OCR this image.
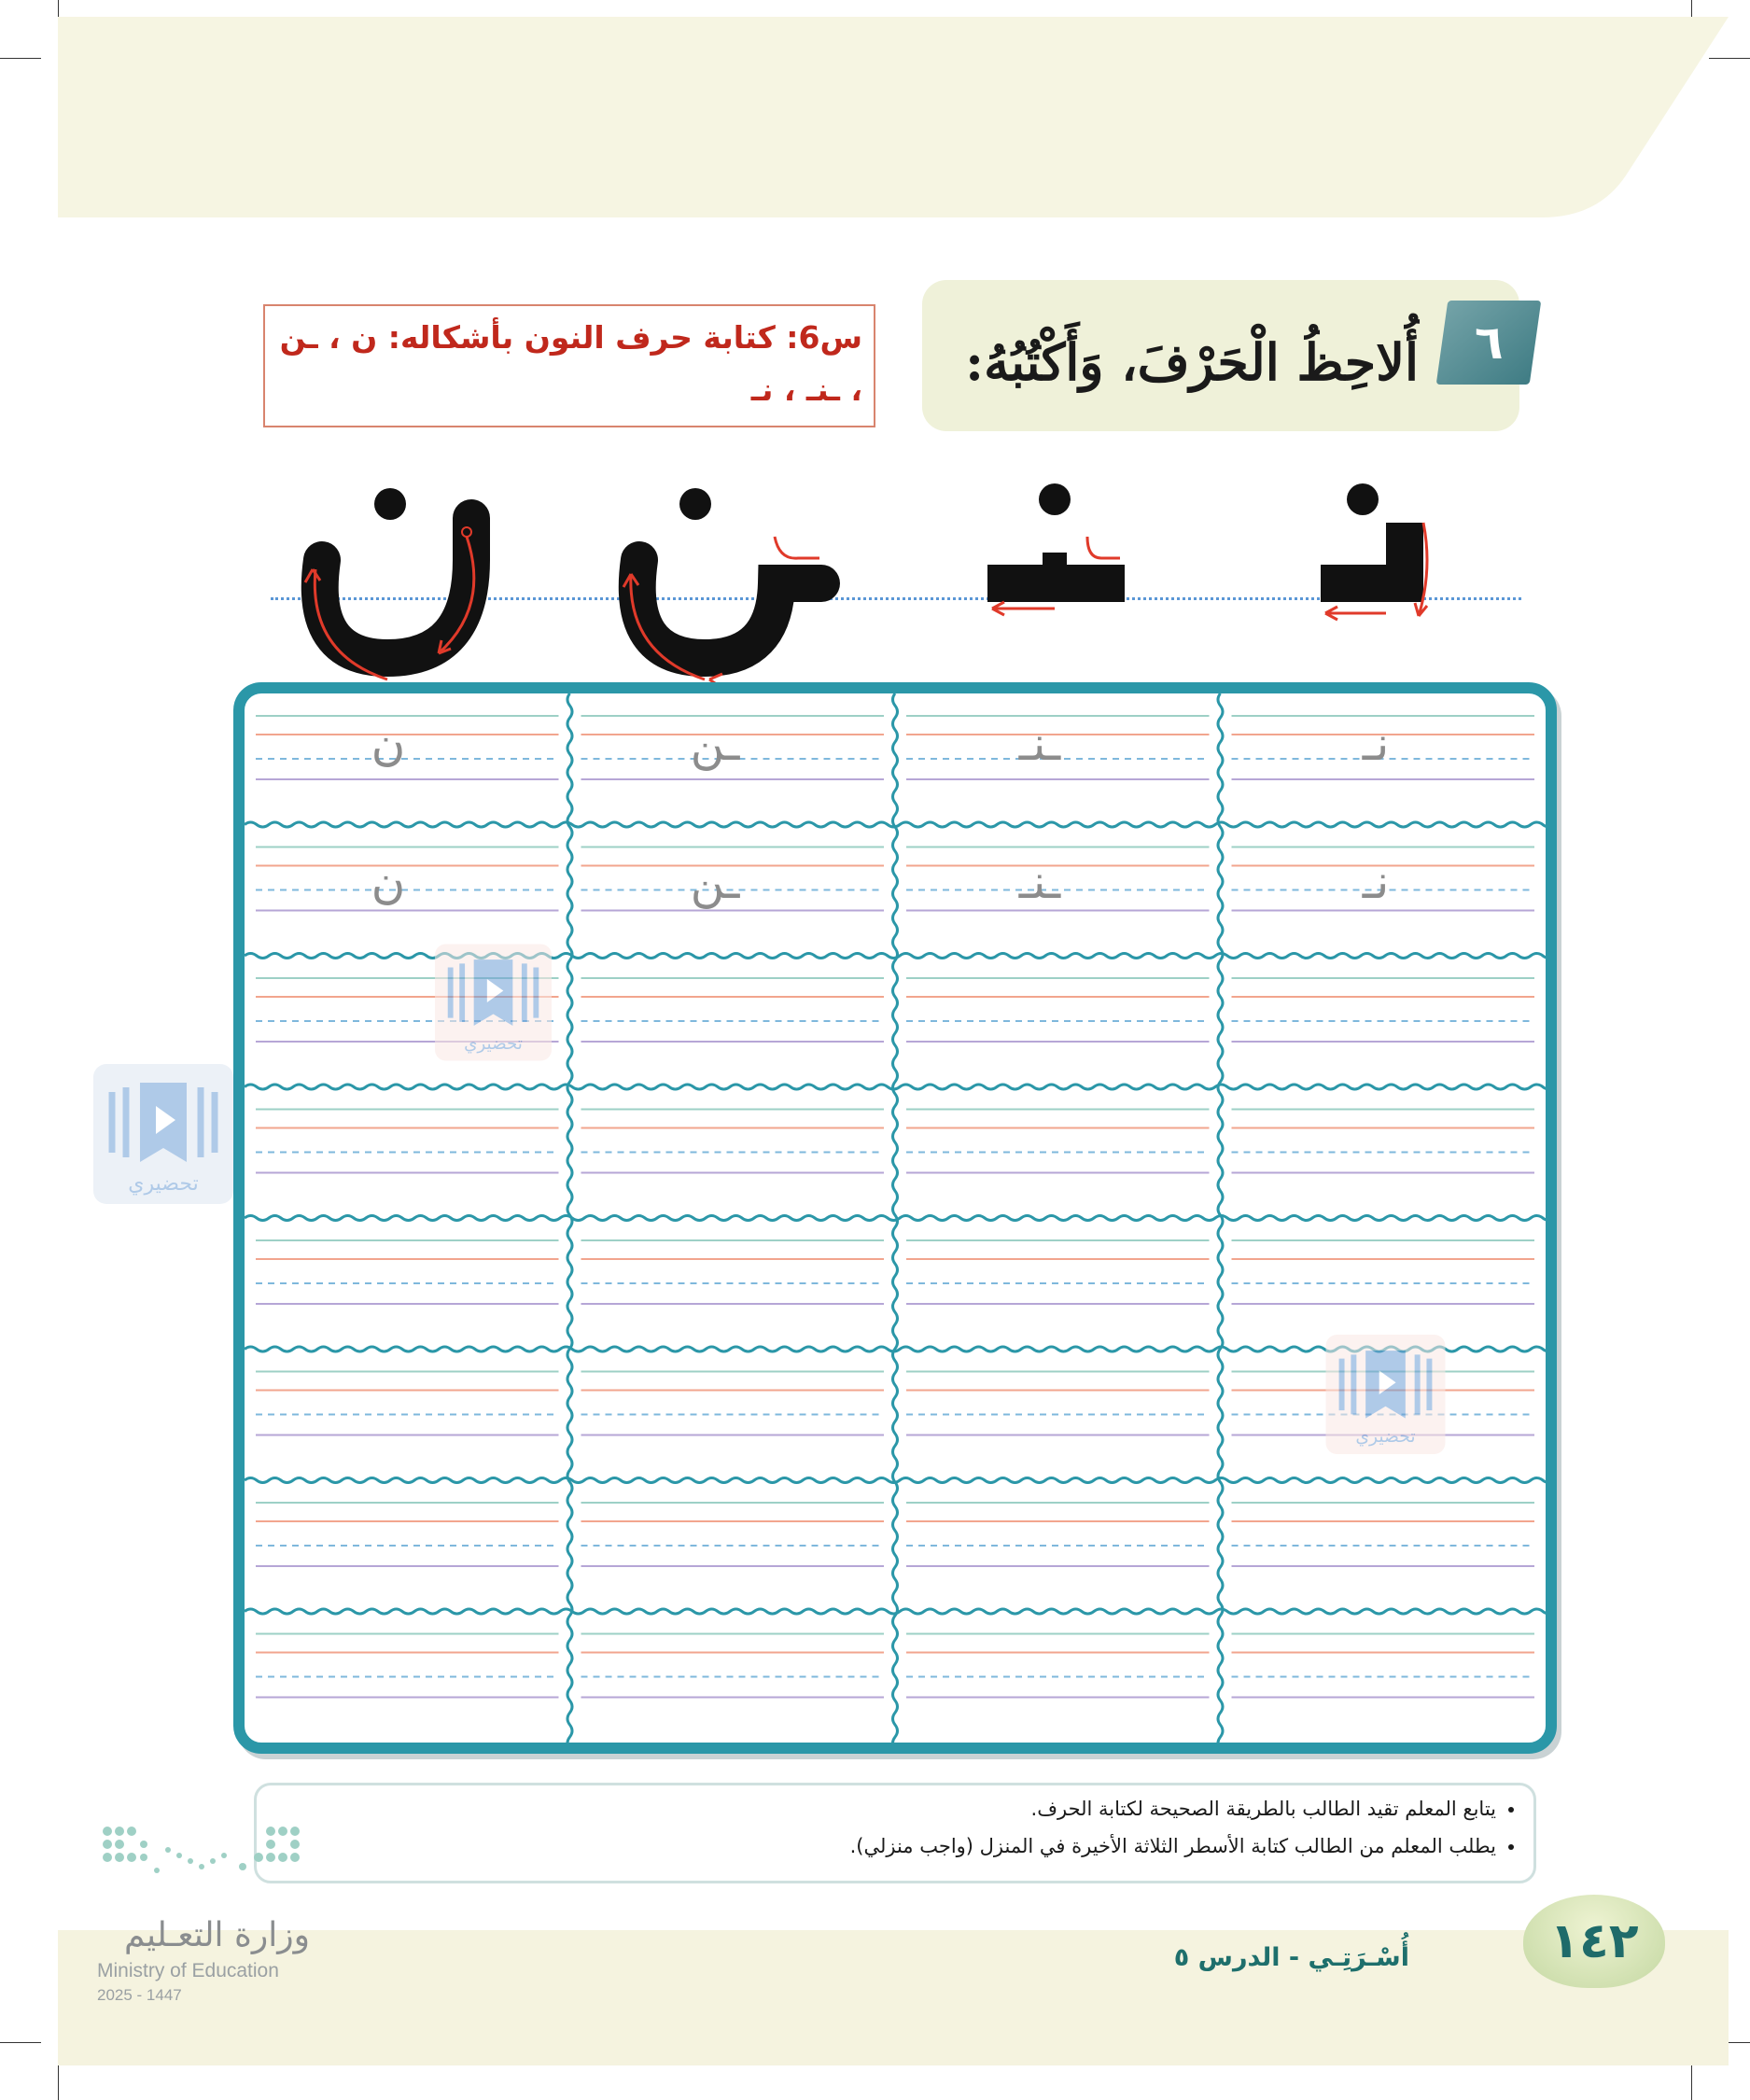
٦
أُلاحِظُ الْحَرْفَ، وَأَكْتُبُهُ:
س6: كتابة حرف النون بأشكاله: ن ، ـن ، ـنـ ، نـ
ن	ـن	ـنـ	نـ
ن	ـن	ـنـ	نـ
تحضيري
تحضيري
تحضيري
• يتابع المعلم تقيد الطالب بالطريقة الصحيحة لكتابة الحرف.
• يطلب المعلم من الطالب كتابة الأسطر الثلاثة الأخيرة في المنزل (واجب منزلي).
١٤٢
أُسْـرَتِـي - الدرس ٥
وزارة التعـليم
Ministry of Education
2025 - 1447
